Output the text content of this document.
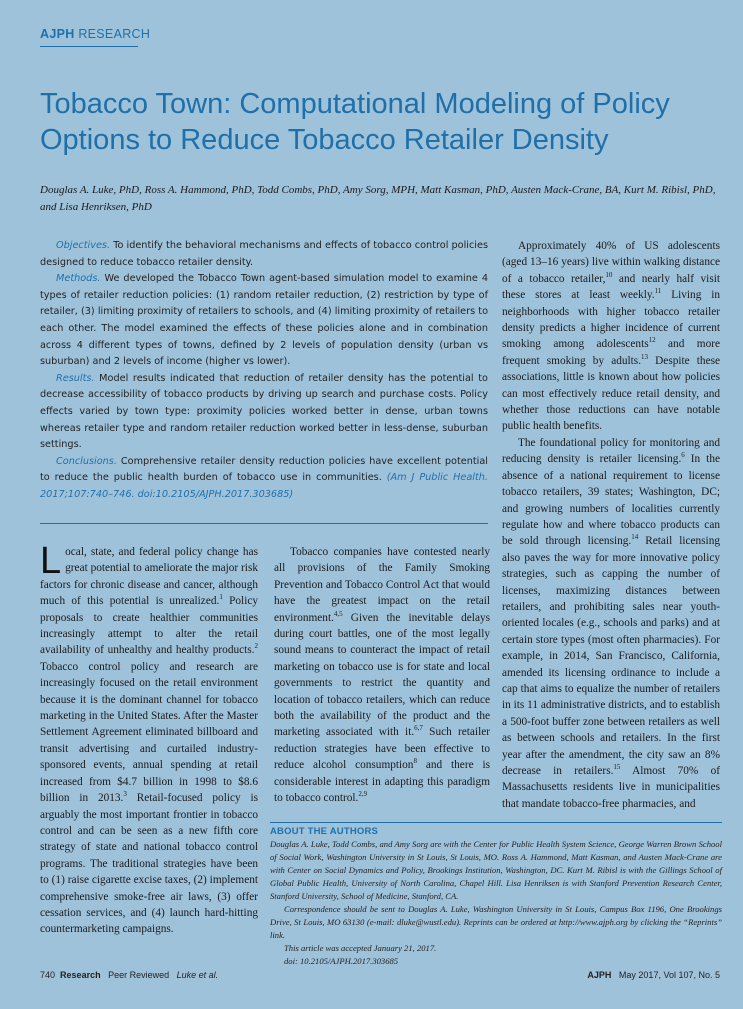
AJPH RESEARCH
Tobacco Town: Computational Modeling of Policy Options to Reduce Tobacco Retailer Density
Douglas A. Luke, PhD, Ross A. Hammond, PhD, Todd Combs, PhD, Amy Sorg, MPH, Matt Kasman, PhD, Austen Mack-Crane, BA, Kurt M. Ribisl, PhD, and Lisa Henriksen, PhD

Objectives. To identify the behavioral mechanisms and effects of tobacco control policies designed to reduce tobacco retailer density.

Methods. We developed the Tobacco Town agent-based simulation model to examine 4 types of retailer reduction policies: (1) random retailer reduction, (2) restriction by type of retailer, (3) limiting proximity of retailers to schools, and (4) limiting proximity of retailers to each other. The model examined the effects of these policies alone and in combination across 4 different types of towns, defined by 2 levels of population density (urban vs suburban) and 2 levels of income (higher vs lower).

Results. Model results indicated that reduction of retailer density has the potential to decrease accessibility of tobacco products by driving up search and purchase costs. Policy effects varied by town type: proximity policies worked better in dense, urban towns whereas retailer type and random retailer reduction worked better in less-dense, suburban settings.

Conclusions. Comprehensive retailer density reduction policies have excellent potential to reduce the public health burden of tobacco use in communities. (Am J Public Health. 2017;107:740–746. doi:10.2105/AJPH.2017.303685)

Local, state, and federal policy change has great potential to ameliorate the major risk factors for chronic disease and cancer, although much of this potential is unrealized.$^1$ Policy proposals to create healthier communities increasingly attempt to alter the retail availability of unhealthy and healthy products.$^2$ Tobacco control policy and research are increasingly focused on the retail environment because it is the dominant channel for tobacco marketing in the United States. After the Master Settlement Agreement eliminated billboard and transit advertising and curtailed industry-sponsored events, annual spending at retail increased from $4.7 billion in 1998 to $8.6 billion in 2013.$^3$ Retail-focused policy is arguably the most important frontier in tobacco control and can be seen as a new fifth core strategy of state and national tobacco control programs. The traditional strategies have been to (1) raise cigarette excise taxes, (2) implement comprehensive smoke-free air laws, (3) offer cessation services, and (4) launch hard-hitting countermarketing campaigns.

Tobacco companies have contested nearly all provisions of the Family Smoking Prevention and Tobacco Control Act that would have the greatest impact on the retail environment.$^{4,5}$ Given the inevitable delays during court battles, one of the most legally sound means to counteract the impact of retail marketing on tobacco use is for state and local governments to restrict the quantity and location of tobacco retailers, which can reduce both the availability of the product and the marketing associated with it.$^{6,7}$ Such retailer reduction strategies have been effective to reduce alcohol consumption$^8$ and there is considerable interest in adapting this paradigm to tobacco control.$^{2,9}$

Approximately 40% of US adolescents (aged 13–16 years) live within walking distance of a tobacco retailer,$^{10}$ and nearly half visit these stores at least weekly.$^{11}$ Living in neighborhoods with higher tobacco retailer density predicts a higher incidence of current smoking among adolescents$^{12}$ and more frequent smoking by adults.$^{13}$ Despite these associations, little is known about how policies can most effectively reduce retail density, and whether those reductions can have notable public health benefits.

The foundational policy for monitoring and reducing density is retailer licensing.$^6$ In the absence of a national requirement to license tobacco retailers, 39 states; Washington, DC; and growing numbers of localities currently regulate how and where tobacco products can be sold through licensing.$^{14}$ Retail licensing also paves the way for more innovative policy strategies, such as capping the number of licenses, maximizing distances between retailers, and prohibiting sales near youth-oriented locales (e.g., schools and parks) and at certain store types (most often pharmacies). For example, in 2014, San Francisco, California, amended its licensing ordinance to include a cap that aims to equalize the number of retailers in its 11 administrative districts, and to establish a 500-foot buffer zone between retailers as well as between schools and retailers. In the first year after the amendment, the city saw an 8% decrease in retailers.$^{15}$ Almost 70% of Massachusetts residents live in municipalities that mandate tobacco-free pharmacies, and

ABOUT THE AUTHORS

Douglas A. Luke, Todd Combs, and Amy Sorg are with the Center for Public Health System Science, George Warren Brown School of Social Work, Washington University in St Louis, St Louis, MO. Ross A. Hammond, Matt Kasman, and Austen Mack-Crane are with Center on Social Dynamics and Policy, Brookings Institution, Washington, DC. Kurt M. Ribisl is with the Gillings School of Global Public Health, University of North Carolina, Chapel Hill. Lisa Henriksen is with Stanford Prevention Research Center, Stanford University, School of Medicine, Stanford, CA.

Correspondence should be sent to Douglas A. Luke, Washington University in St Louis, Campus Box 1196, One Brookings Drive, St Louis, MO 63130 (e-mail: dluke@wustl.edu). Reprints can be ordered at http://www.ajph.org by clicking the “Reprints” link.

This article was accepted January 21, 2017.

doi: 10.2105/AJPH.2017.303685

740 Research Peer Reviewed Luke et al.	AJPH May 2017, Vol 107, No. 5
